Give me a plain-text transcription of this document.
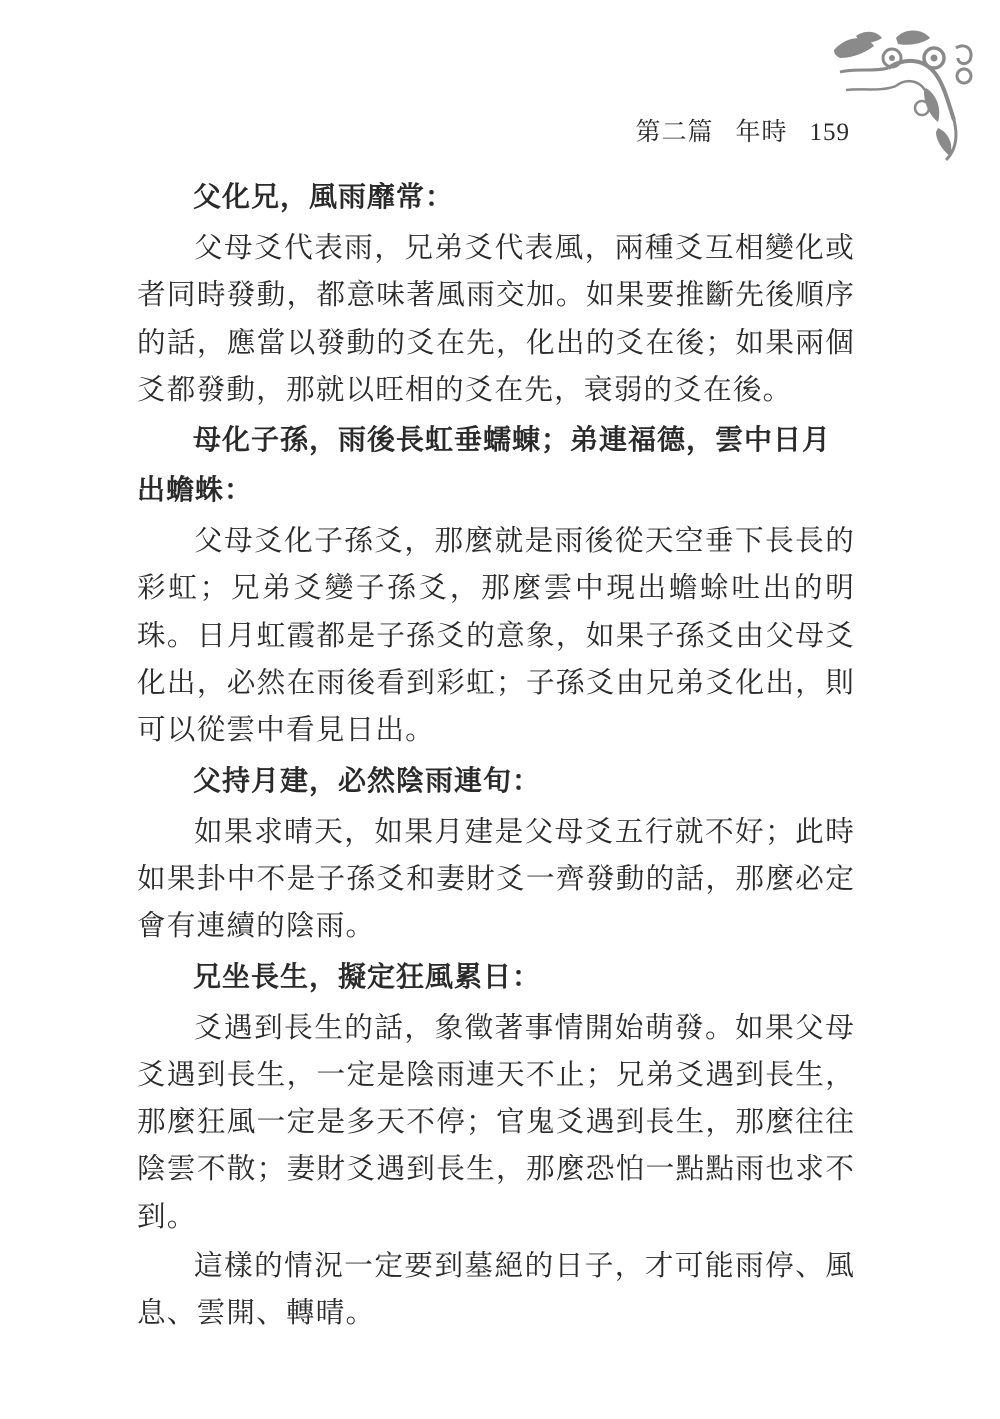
第二篇 年時 159
父化兄，風雨靡常：
父母爻代表雨，兄弟爻代表風，兩種爻互相變化或者同時發動，都意味著風雨交加。如果要推斷先後順序的話，應當以發動的爻在先，化出的爻在後；如果兩個爻都發動，那就以旺相的爻在先，衰弱的爻在後。
母化子孫，雨後長虹垂蠕蝀；弟連福德，雲中日月出蟾蛛：
父母爻化子孫爻，那麼就是雨後從天空垂下長長的彩虹；兄弟爻變子孫爻，那麼雲中現出蟾蜍吐出的明珠。日月虹霞都是子孫爻的意象，如果子孫爻由父母爻化出，必然在雨後看到彩虹；子孫爻由兄弟爻化出，則可以從雲中看見日出。
父持月建，必然陰雨連旬：
如果求晴天，如果月建是父母爻五行就不好；此時如果卦中不是子孫爻和妻財爻一齊發動的話，那麼必定會有連續的陰雨。
兄坐長生，擬定狂風累日：
爻遇到長生的話，象徵著事情開始萌發。如果父母爻遇到長生，一定是陰雨連天不止；兄弟爻遇到長生，那麼狂風一定是多天不停；官鬼爻遇到長生，那麼往往陰雲不散；妻財爻遇到長生，那麼恐怕一點點雨也求不到。
這樣的情況一定要到墓絕的日子，才可能雨停、風息、雲開、轉晴。
